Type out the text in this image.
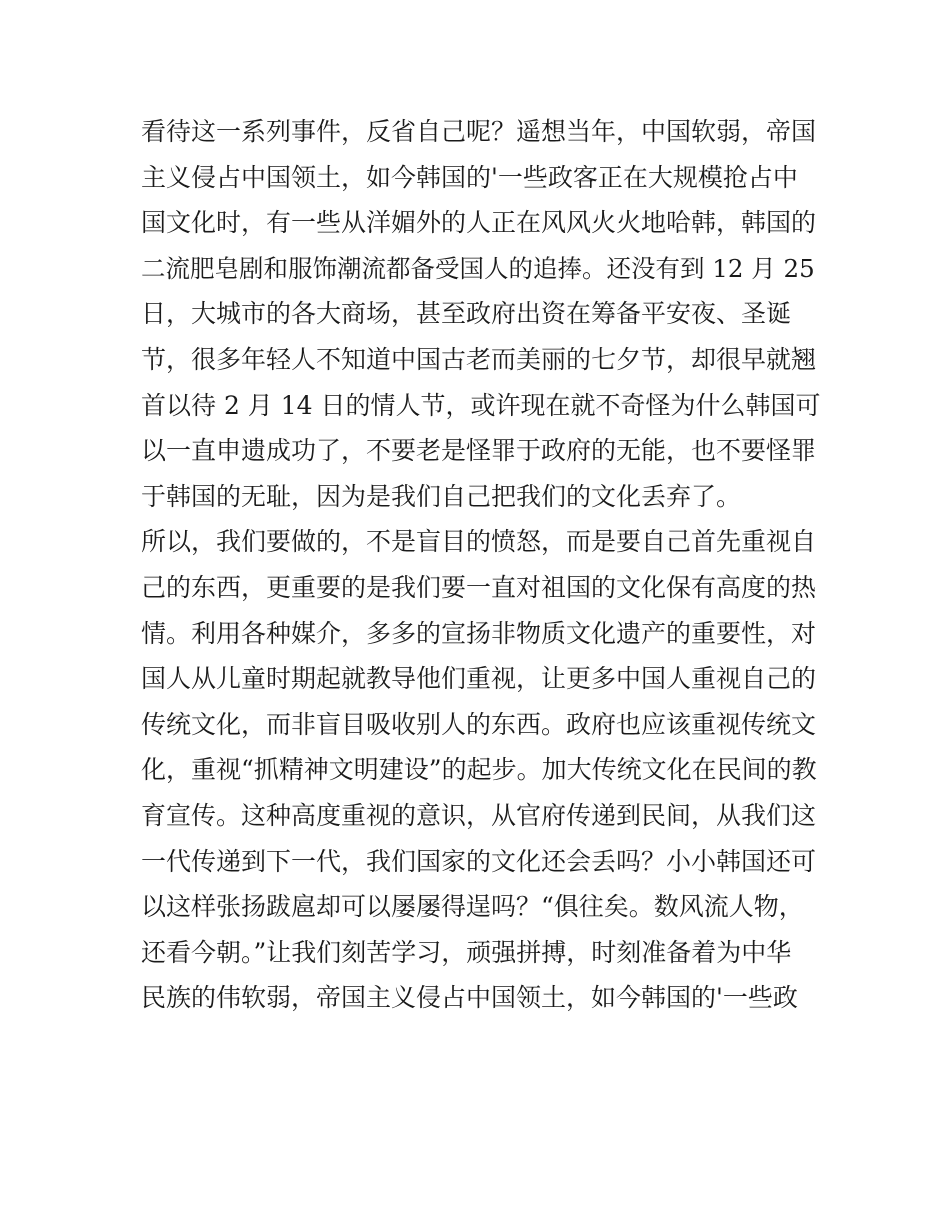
看待这一系列事件，反省自己呢？遥想当年，中国软弱，帝国
主义侵占中国领土，如今韩国的'一些政客正在大规模抢占中
国文化时，有一些从洋媚外的人正在风风火火地哈韩，韩国的
二流肥皂剧和服饰潮流都备受国人的追捧。还没有到 12 月 25
日，大城市的各大商场，甚至政府出资在筹备平安夜、圣诞
节，很多年轻人不知道中国古老而美丽的七夕节，却很早就翘
首以待 2 月 14 日的情人节，或许现在就不奇怪为什么韩国可
以一直申遗成功了，不要老是怪罪于政府的无能，也不要怪罪
于韩国的无耻，因为是我们自己把我们的文化丢弃了。
所以，我们要做的，不是盲目的愤怒，而是要自己首先重视自
己的东西，更重要的是我们要一直对祖国的文化保有高度的热
情。利用各种媒介，多多的宣扬非物质文化遗产的重要性，对
国人从儿童时期起就教导他们重视，让更多中国人重视自己的
传统文化，而非盲目吸收别人的东西。政府也应该重视传统文
化，重视“抓精神文明建设”的起步。加大传统文化在民间的教
育宣传。这种高度重视的意识，从官府传递到民间，从我们这
一代传递到下一代，我们国家的文化还会丢吗？小小韩国还可
以这样张扬跋扈却可以屡屡得逞吗？“俱往矣。数风流人物，
还看今朝。”让我们刻苦学习，顽强拼搏，时刻准备着为中华
民族的伟软弱，帝国主义侵占中国领土，如今韩国的'一些政
